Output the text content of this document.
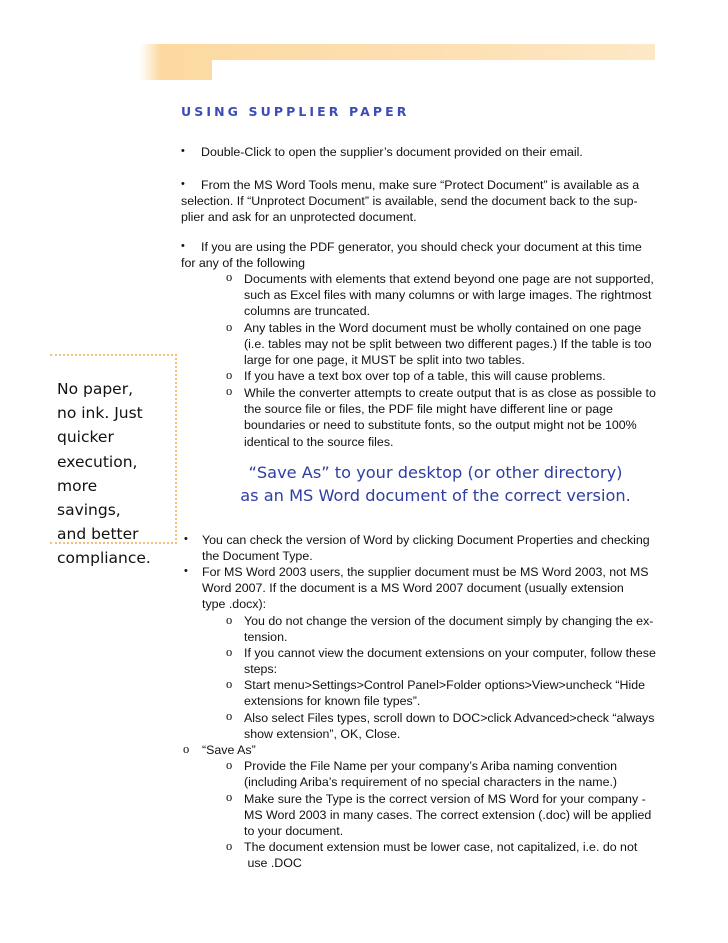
No paper,
no ink. Just
quicker
execution,
more
savings,
and better
compliance.

USING SUPPLIER PAPER
• Double-Click to open the supplier’s document provided on their email.

•	From the MS Word Tools menu, make sure “Protect Document” is available as a
selection. If “Unprotect Document” is available, send the document back to the sup-
plier and ask for an unprotected document.

•	If you are using the PDF generator, you should check your document at this time
for any of the following

o Documents with elements that extend beyond one page are not supported,
such as Excel files with many columns or with large images. The rightmost
columns are truncated.

o Any tables in the Word document must be wholly contained on one page
(i.e. tables may not be split between two different pages.) If the table is too
large for one page, it MUST be split into two tables.

o If you have a text box over top of a table, this will cause problems.

o While the converter attempts to create output that is as close as possible to
the source file or files, the PDF file might have different line or page
boundaries or need to substitute fonts, so the output might not be 100%
identical to the source files.

“Save As” to your desktop (or other directory)
as an MS Word document of the correct version.

• You can check the version of Word by clicking Document Properties and checking
the Document Type.

• For MS Word 2003 users, the supplier document must be MS Word 2003, not MS
Word 2007. If the document is a MS Word 2007 document (usually extension
type .docx):

o You do not change the version of the document simply by changing the ex-
tension.

o If you cannot view the document extensions on your computer, follow these
steps:

o Start menu>Settings>Control Panel>Folder options>View>uncheck “Hide
extensions for known file types”.

o Also select Files types, scroll down to DOC>click Advanced>check “always
show extension”, OK, Close.

o “Save As”

o Provide the File Name per your company’s Ariba naming convention
(including Ariba’s requirement of no special characters in the name.)

o Make sure the Type is the correct version of MS Word for your company -
MS Word 2003 in many cases. The correct extension (.doc) will be applied
to your document.

o The document extension must be lower case, not capitalized, i.e. do not
use .DOC
